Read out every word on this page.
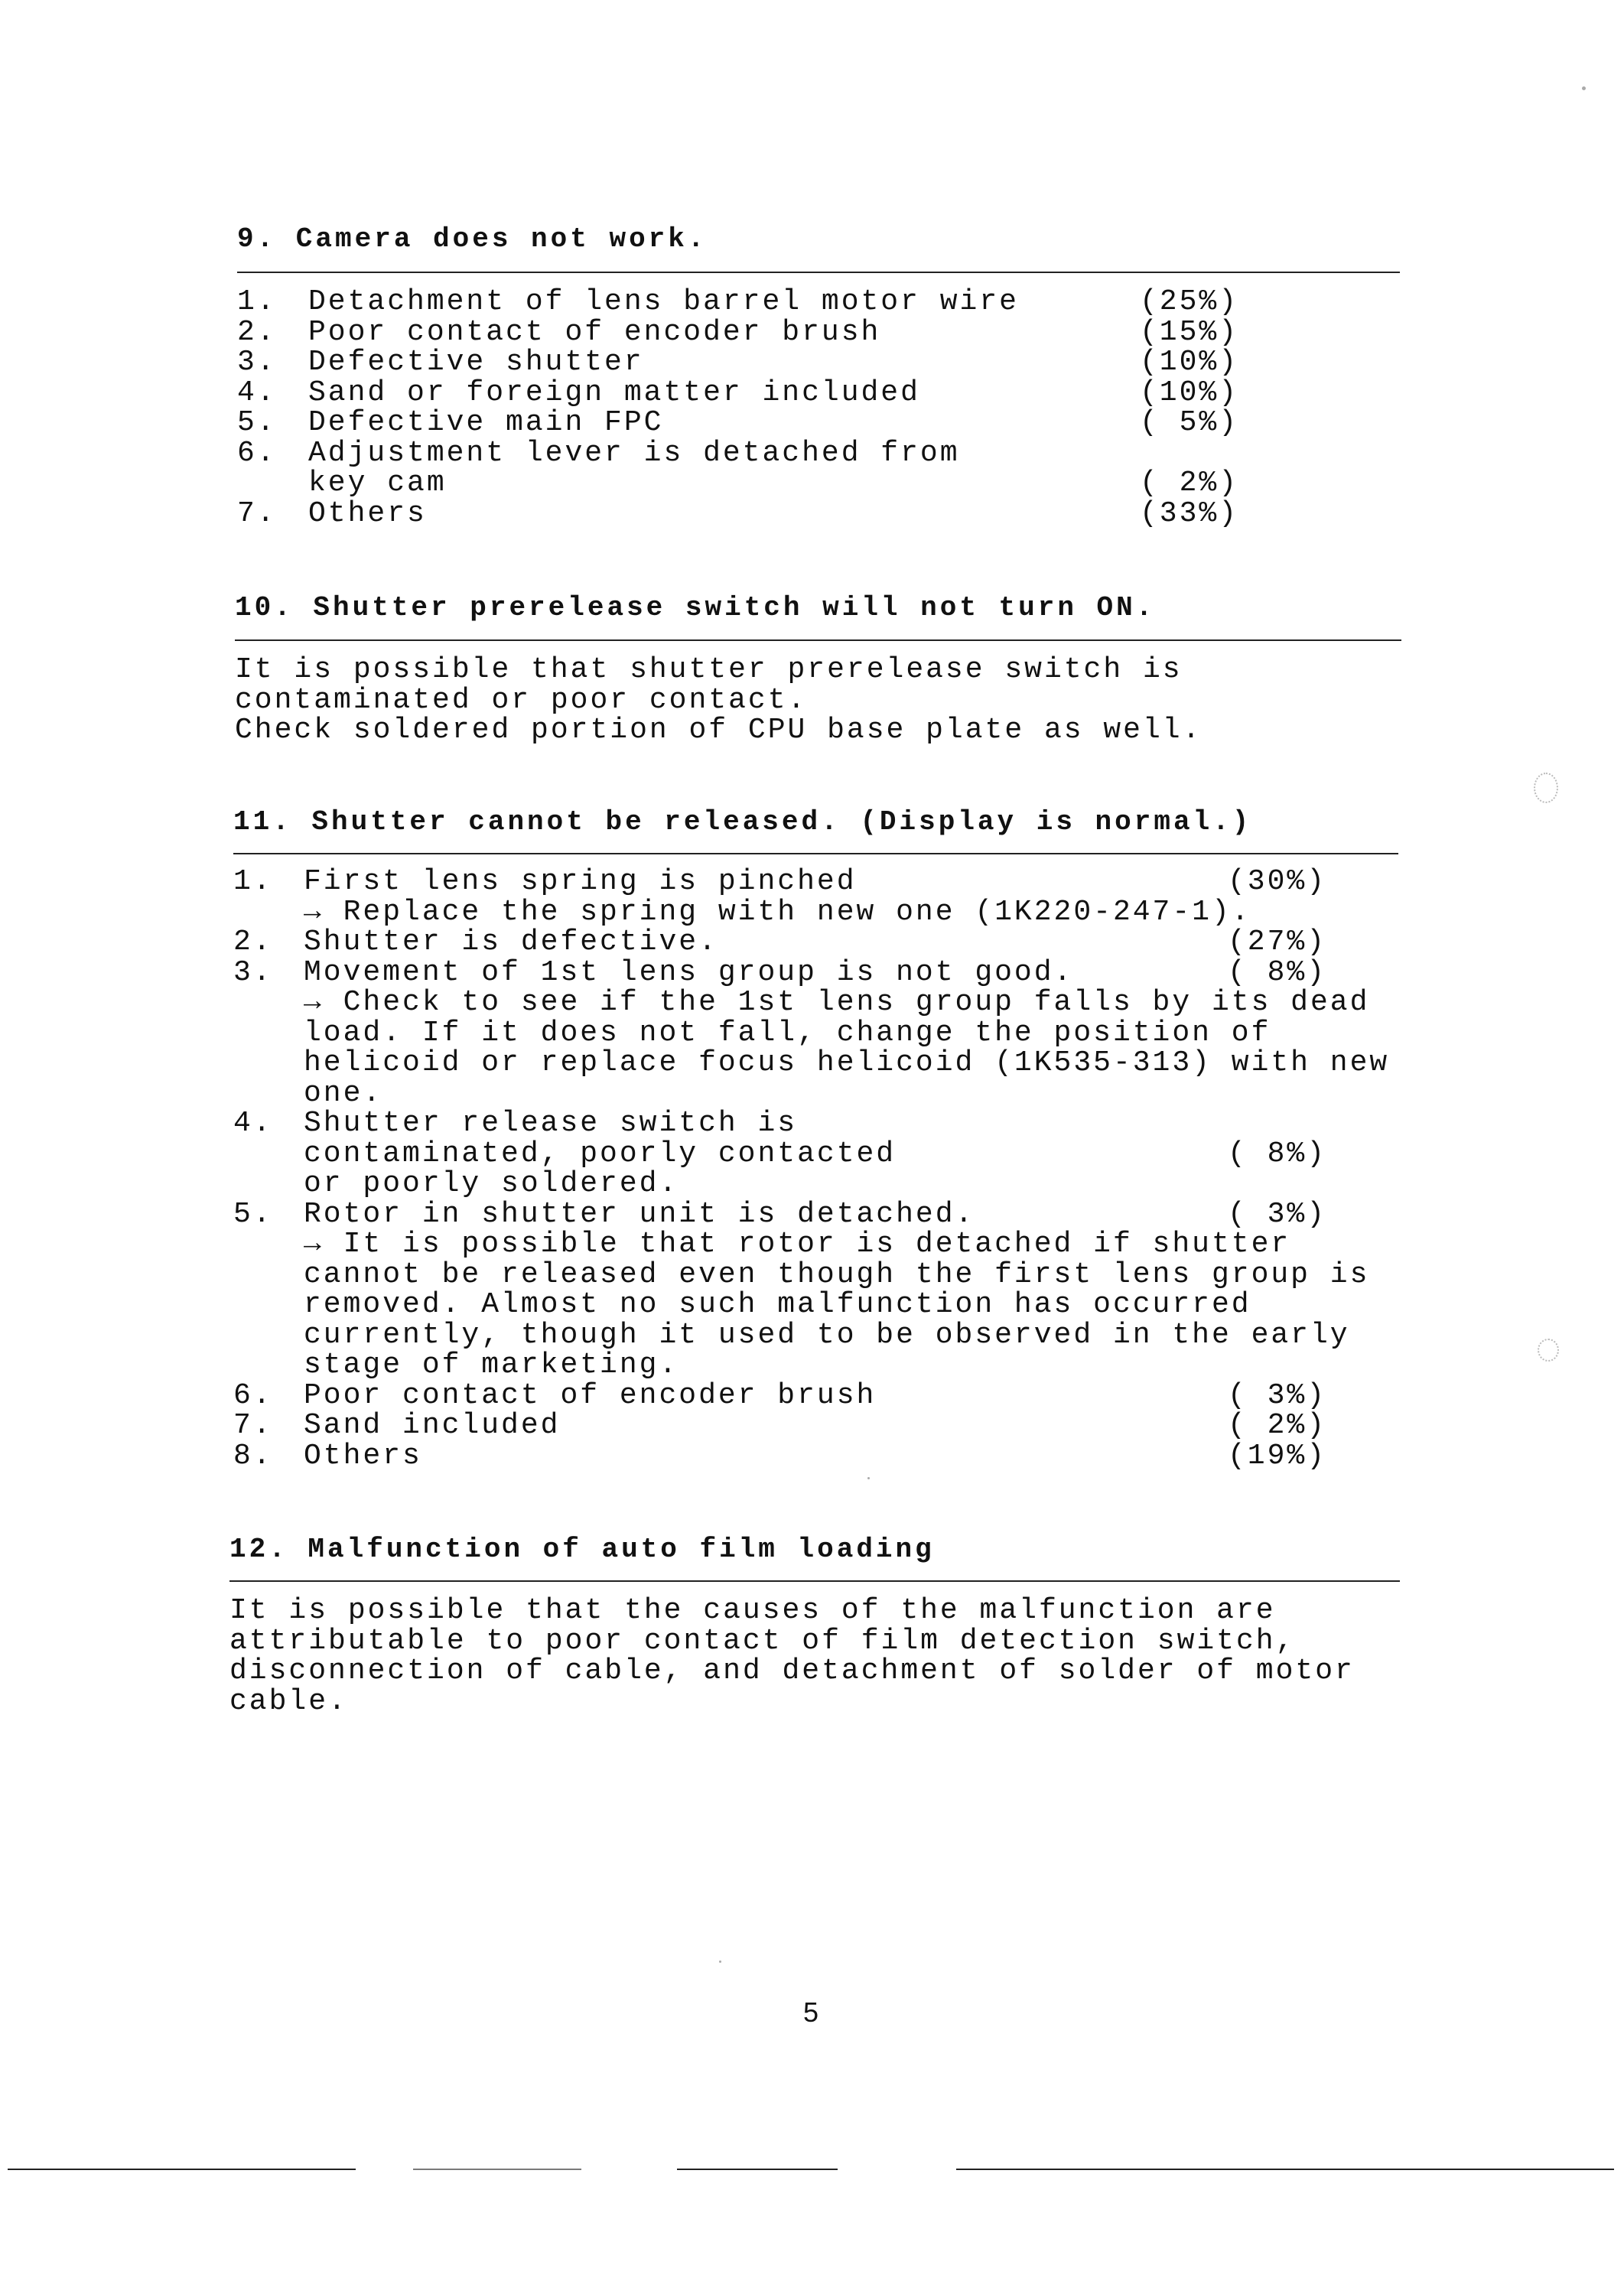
9. Camera does not work.
1. Detachment of lens barrel motor wire	(25%)
2. Poor contact of encoder brush	(15%)
3. Defective shutter	(10%)
4. Sand or foreign matter included	(10%)
5. Defective main FPC	( 5%)
6. Adjustment lever is detached from
key cam	( 2%)
7. Others	(33%)
10. Shutter prerelease switch will not turn ON.
It is possible that shutter prerelease switch is
contaminated or poor contact.
Check soldered portion of CPU base plate as well.
11. Shutter cannot be released. (Display is normal.)
1. First lens spring is pinched	(30%)
→ Replace the spring with new one (1K220-247-1).
2. Shutter is defective.	(27%)
3. Movement of 1st lens group is not good.	( 8%)
→ Check to see if the 1st lens group falls by its dead
load. If it does not fall, change the position of
helicoid or replace focus helicoid (1K535-313) with new
one.
4. Shutter release switch is
contaminated, poorly contacted	( 8%)
or poorly soldered.
5. Rotor in shutter unit is detached.	( 3%)
→ It is possible that rotor is detached if shutter
cannot be released even though the first lens group is
removed. Almost no such malfunction has occurred
currently, though it used to be observed in the early
stage of marketing.
6. Poor contact of encoder brush	( 3%)
7. Sand included	( 2%)
8. Others	(19%)
12. Malfunction of auto film loading
It is possible that the causes of the malfunction are
attributable to poor contact of film detection switch,
disconnection of cable, and detachment of solder of motor
cable.
5
